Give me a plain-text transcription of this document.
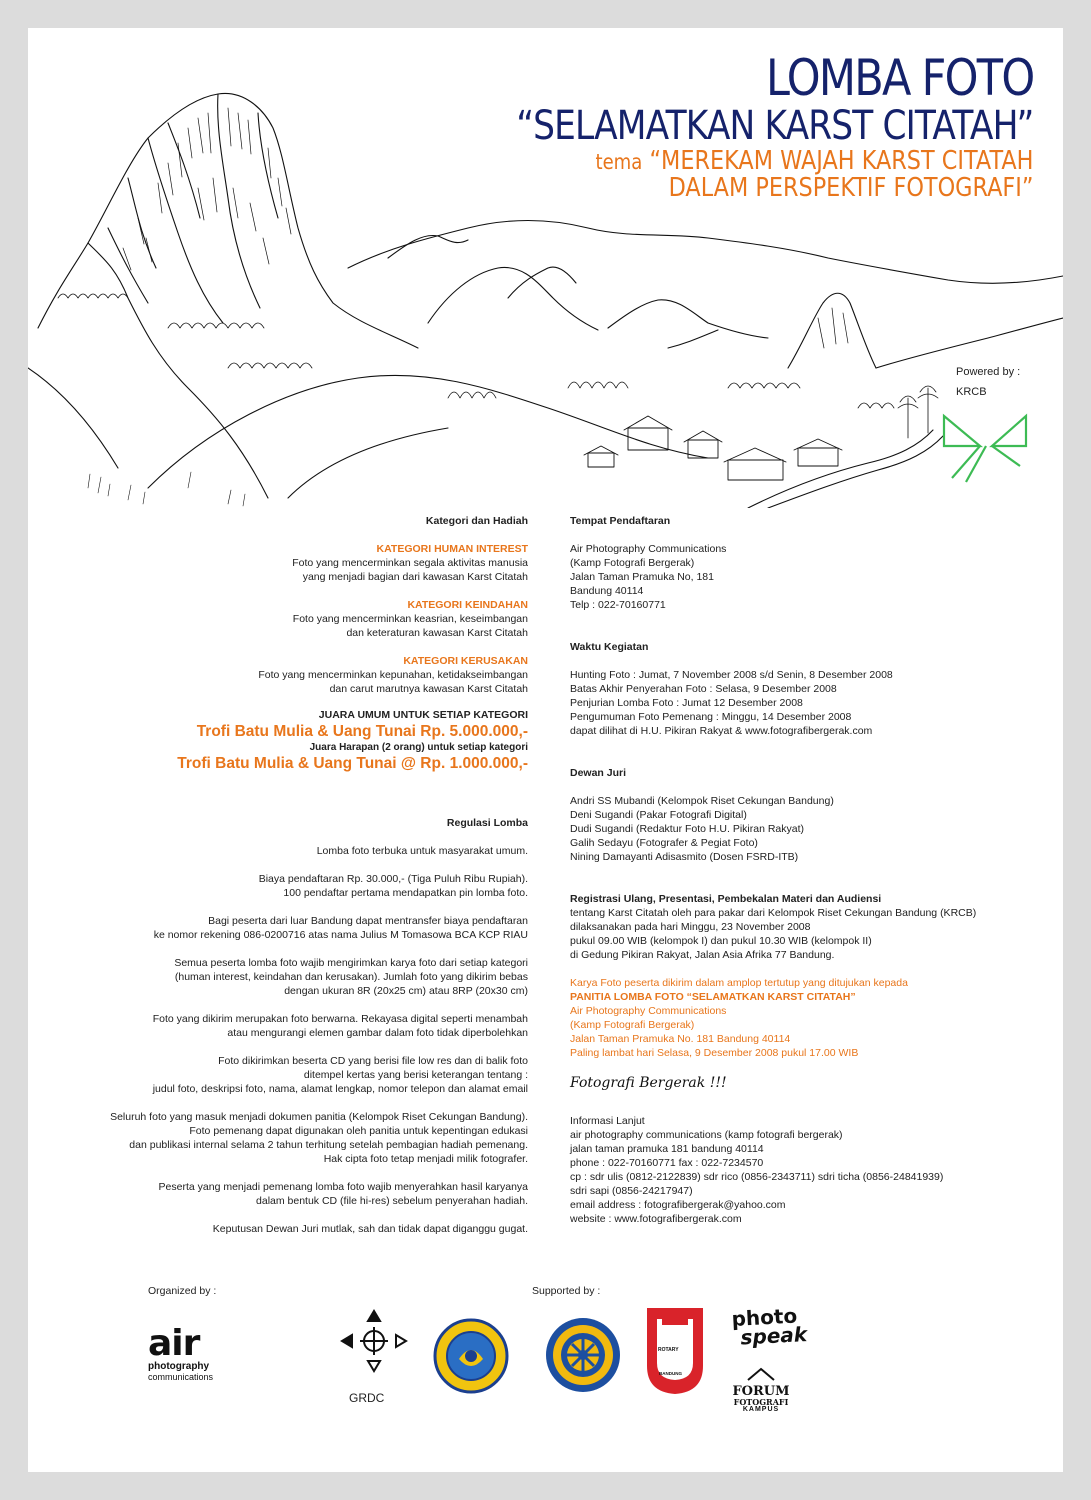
LOMBA FOTO
“SELAMATKAN KARST CITATAH”
tema “MEREKAM WAJAH KARST CITATAH
DALAM PERSPEKTIF FOTOGRAFI”
Powered by :
KRCB

Kategori dan Hadiah

KATEGORI HUMAN INTEREST

Foto yang mencerminkan segala aktivitas manusia

yang menjadi bagian dari kawasan Karst Citatah

KATEGORI KEINDAHAN

Foto yang mencerminkan keasrian, keseimbangan

dan keteraturan kawasan Karst Citatah

KATEGORI KERUSAKAN

Foto yang mencerminkan kepunahan, ketidakseimbangan

dan carut marutnya kawasan Karst Citatah

JUARA UMUM UNTUK SETIAP KATEGORI

Trofi Batu Mulia & Uang Tunai Rp. 5.000.000,-

Juara Harapan (2 orang) untuk setiap kategori

Trofi Batu Mulia & Uang Tunai @ Rp. 1.000.000,-

Regulasi Lomba

Lomba foto terbuka untuk masyarakat umum.

Biaya pendaftaran Rp. 30.000,- (Tiga Puluh Ribu Rupiah).

100 pendaftar pertama mendapatkan pin lomba foto.

Bagi peserta dari luar Bandung dapat mentransfer biaya pendaftaran

ke nomor rekening 086-0200716 atas nama Julius M Tomasowa BCA KCP RIAU

Semua peserta lomba foto wajib mengirimkan karya foto dari setiap kategori

(human interest, keindahan dan kerusakan). Jumlah foto yang dikirim bebas

dengan ukuran 8R (20x25 cm) atau 8RP (20x30 cm)

Foto yang dikirim merupakan foto berwarna. Rekayasa digital seperti menambah

atau mengurangi elemen gambar dalam foto tidak diperbolehkan

Foto dikirimkan beserta CD yang berisi file low res dan di balik foto

ditempel kertas yang berisi keterangan tentang :

judul foto, deskripsi foto, nama, alamat lengkap, nomor telepon dan alamat email

Seluruh foto yang masuk menjadi dokumen panitia (Kelompok Riset Cekungan Bandung).

Foto pemenang dapat digunakan oleh panitia untuk kepentingan edukasi

dan publikasi internal selama 2 tahun terhitung setelah pembagian hadiah pemenang.

Hak cipta foto tetap menjadi milik fotografer.

Peserta yang menjadi pemenang lomba foto wajib menyerahkan hasil karyanya

dalam bentuk CD (file hi-res) sebelum penyerahan hadiah.

Keputusan Dewan Juri mutlak, sah dan tidak dapat diganggu gugat.

Tempat Pendaftaran

Air Photography Communications

(Kamp Fotografi Bergerak)

Jalan Taman Pramuka No, 181

Bandung 40114

Telp : 022-70160771

Waktu Kegiatan

Hunting Foto : Jumat, 7 November 2008 s/d Senin, 8 Desember 2008

Batas Akhir Penyerahan Foto : Selasa, 9 Desember 2008

Penjurian Lomba Foto : Jumat 12 Desember 2008

Pengumuman Foto Pemenang : Minggu, 14 Desember 2008

dapat dilihat di H.U. Pikiran Rakyat & www.fotografibergerak.com

Dewan Juri

Andri SS Mubandi (Kelompok Riset Cekungan Bandung)

Deni Sugandi (Pakar Fotografi Digital)

Dudi Sugandi (Redaktur Foto H.U. Pikiran Rakyat)

Galih Sedayu (Fotografer & Pegiat Foto)

Nining Damayanti Adisasmito (Dosen FSRD-ITB)

Registrasi Ulang, Presentasi, Pembekalan Materi dan Audiensi

tentang Karst Citatah oleh para pakar dari Kelompok Riset Cekungan Bandung (KRCB)

dilaksanakan pada hari Minggu, 23 November 2008

pukul 09.00 WIB (kelompok I) dan pukul 10.30 WIB (kelompok II)

di Gedung Pikiran Rakyat, Jalan Asia Afrika 77 Bandung.

Karya Foto peserta dikirim dalam amplop tertutup yang ditujukan kepada

PANITIA LOMBA FOTO “SELAMATKAN KARST CITATAH”

Air Photography Communications

(Kamp Fotografi Bergerak)

Jalan Taman Pramuka No. 181 Bandung 40114

Paling lambat hari Selasa, 9 Desember 2008 pukul 17.00 WIB

Fotografi Bergerak !!!

Informasi Lanjut

air photography communications (kamp fotografi bergerak)

jalan taman pramuka 181 bandung 40114

phone : 022-70160771 fax : 022-7234570

cp : sdr ulis (0812-2122839) sdr rico (0856-2343711) sdri ticha (0856-24841939)

sdri sapi (0856-24217947)

email address : fotografibergerak@yahoo.com

website : www.fotografibergerak.com

Organized by :	Supported by :
air
photography
communications
GRDC
ROTARY
BANDUNG
photo
speak
FORUM
FOTOGRAFI
KAMPUS
